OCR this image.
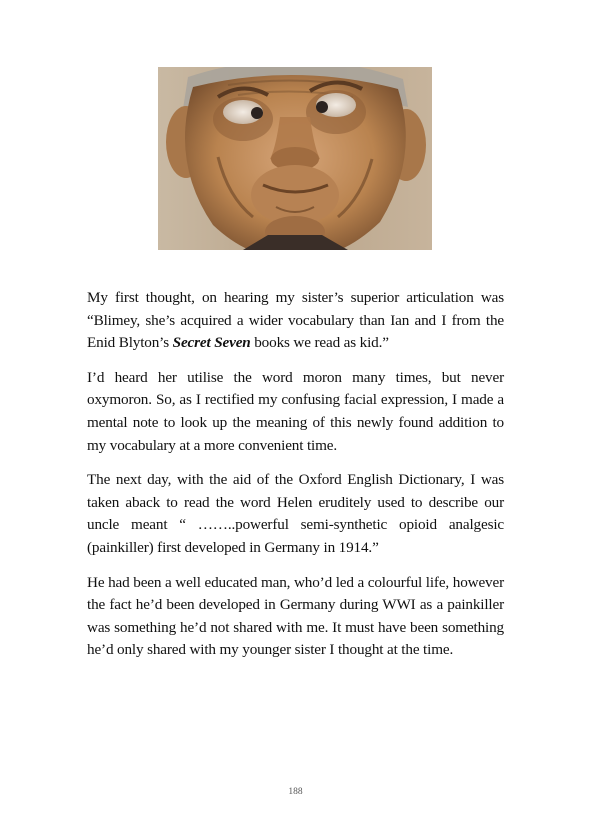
My first thought, on hearing my sister’s superior articulation was “Blimey, she’s acquired a wider vocabulary than Ian and I from the Enid Blyton’s Secret Seven books we read as kid.”

I’d heard her utilise the word moron many times, but never oxymoron. So, as I rectified my confusing facial expression, I made a mental note to look up the meaning of this newly found addition to my vocabulary at a more convenient time.

The next day, with the aid of the Oxford English Dictionary, I was taken aback to read the word Helen eruditely used to describe our uncle meant “ ……..powerful semi-synthetic opioid analgesic (painkiller) first developed in Germany in 1914.”

He had been a well educated man, who’d led a colourful life, however the fact he’d been developed in Germany during WWI as a painkiller was something he’d not shared with me. It must have been something he’d only shared with my younger sister I thought at the time.

188
